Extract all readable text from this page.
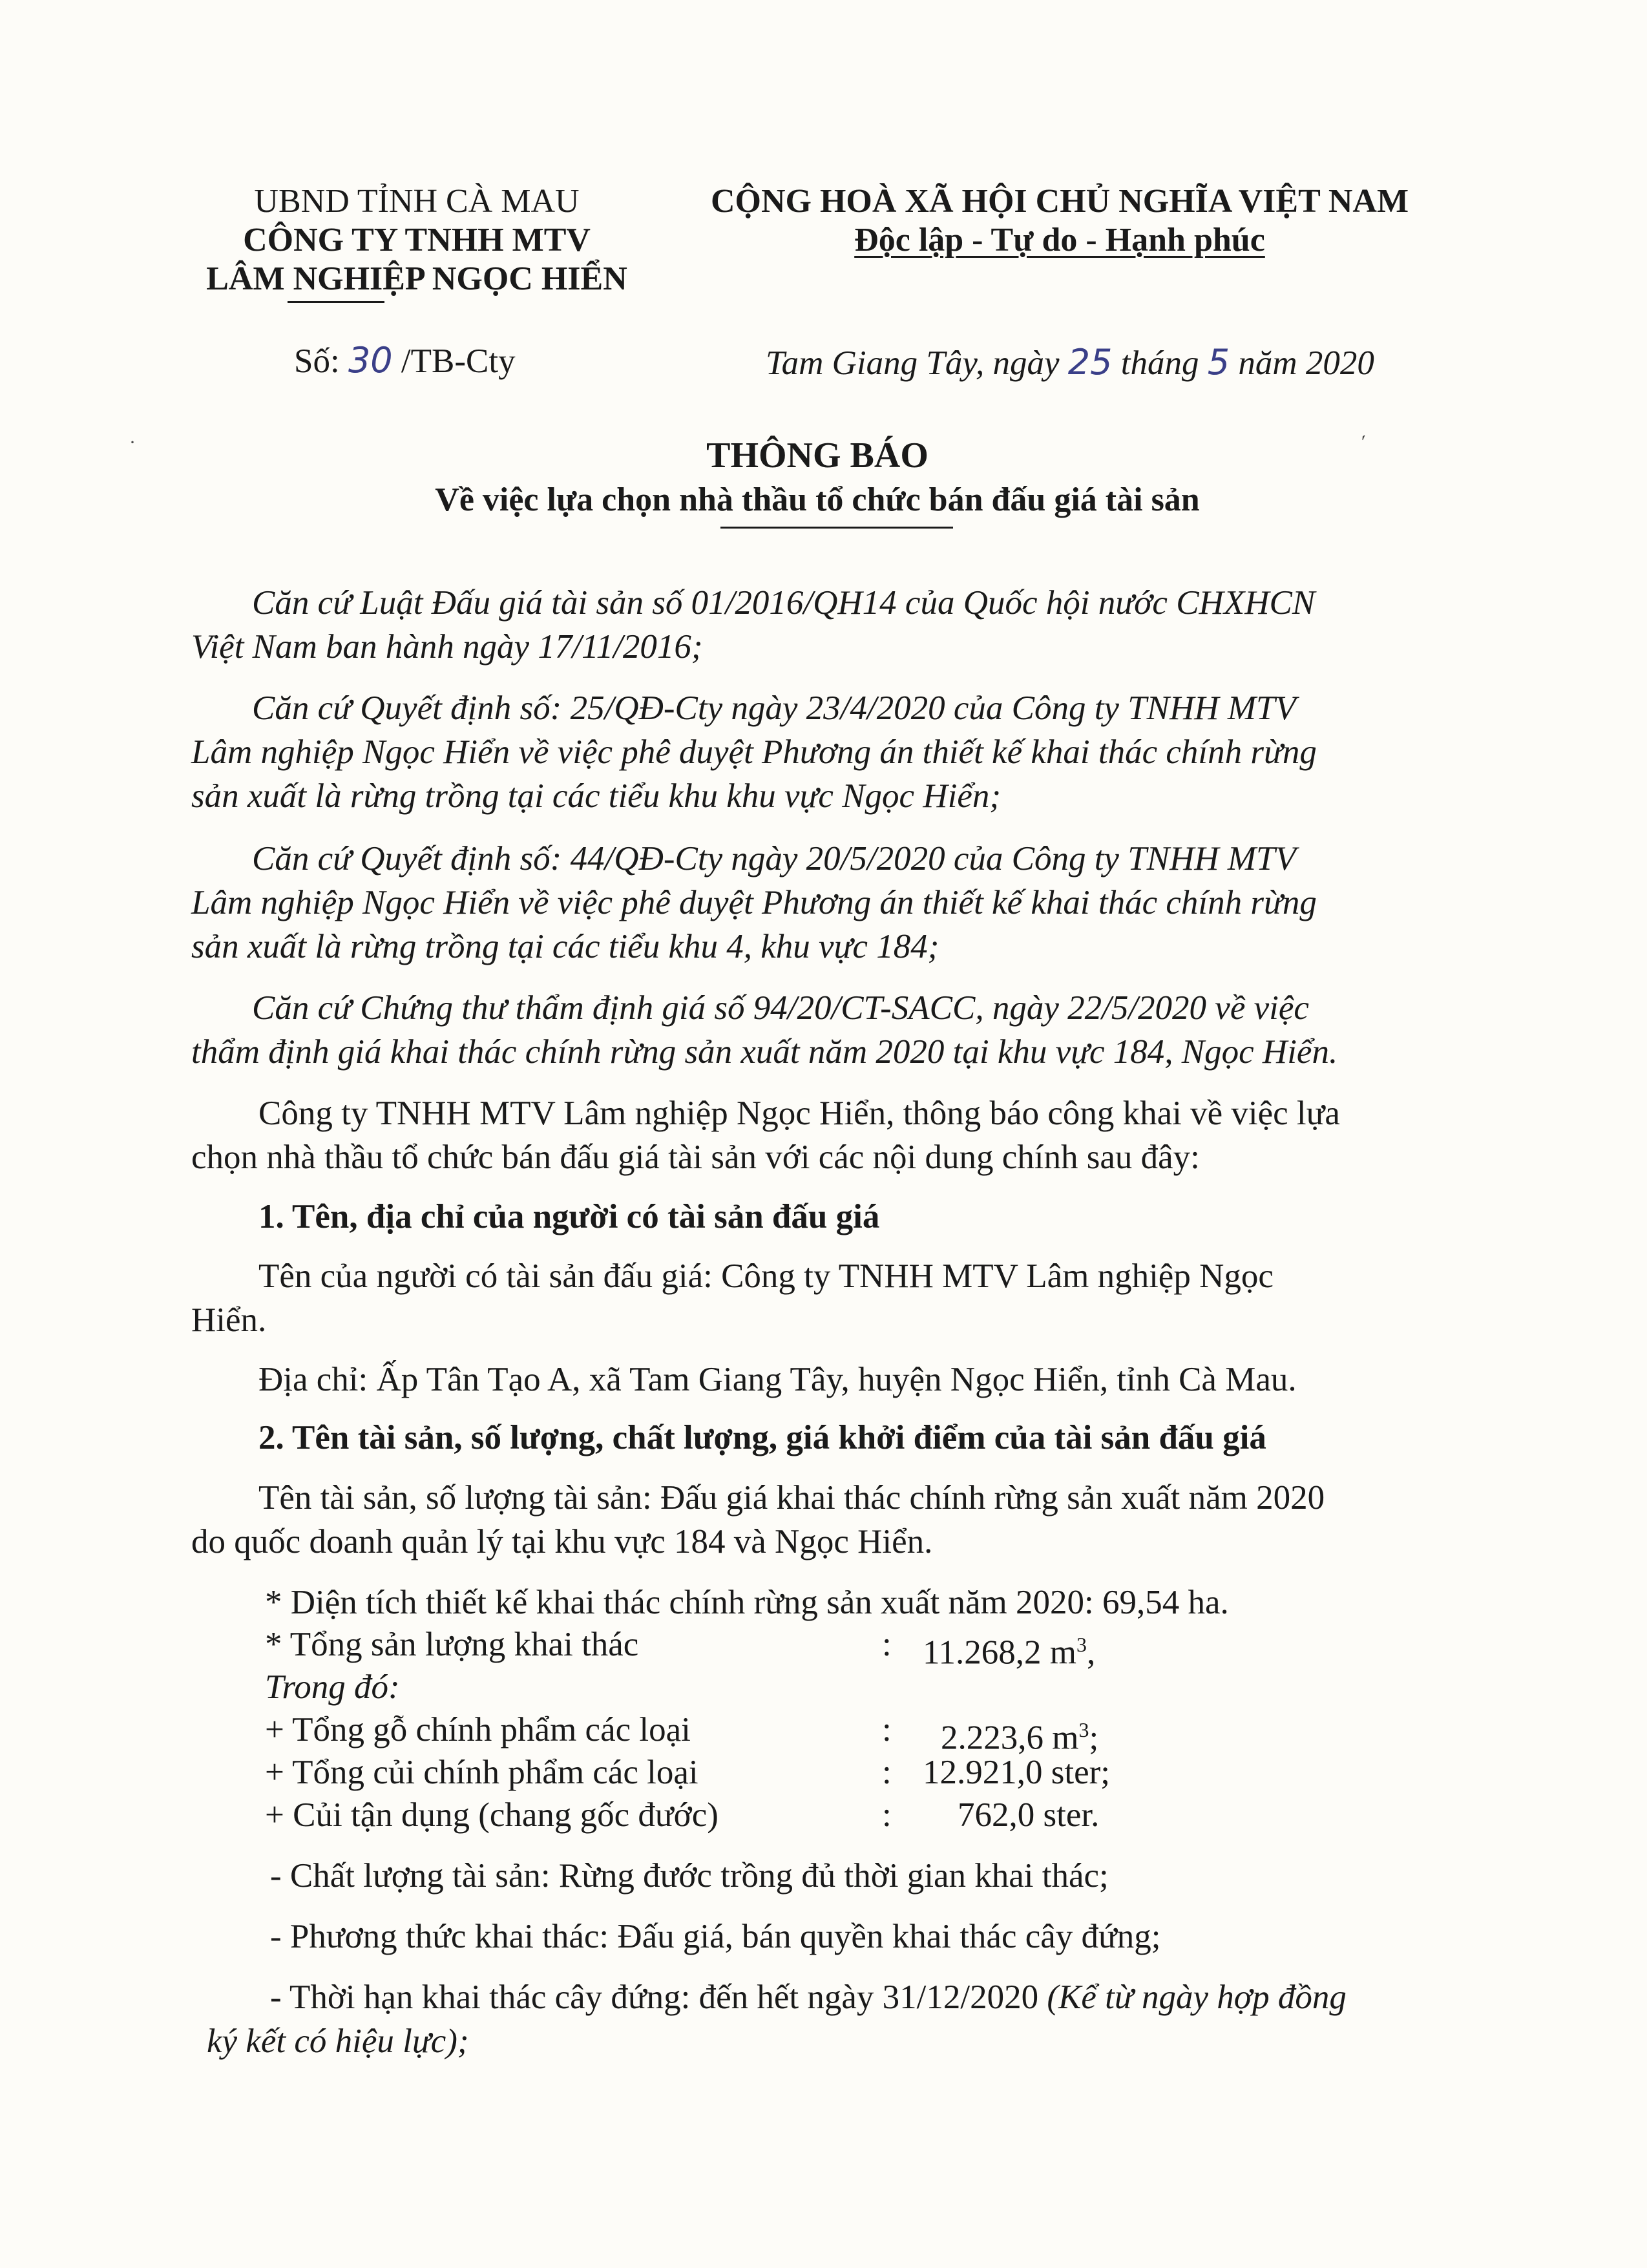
UBND TỈNH CÀ MAU
CÔNG TY TNHH MTV
LÂM NGHIỆP NGỌC HIỂN
CỘNG HOÀ XÃ HỘI CHỦ NGHĨA VIỆT NAM
Độc lập - Tự do - Hạnh phúc
Số: 30 /TB-Cty	Tam Giang Tây, ngày 25 tháng 5 năm 2020
THÔNG BÁO
Về việc lựa chọn nhà thầu tổ chức bán đấu giá tài sản
Căn cứ Luật Đấu giá tài sản số 01/2016/QH14 của Quốc hội nước CHXHCN
Việt Nam ban hành ngày 17/11/2016;
Căn cứ Quyết định số: 25/QĐ-Cty ngày 23/4/2020 của Công ty TNHH MTV
Lâm nghiệp Ngọc Hiển về việc phê duyệt Phương án thiết kế khai thác chính rừng
sản xuất là rừng trồng tại các tiểu khu khu vực Ngọc Hiển;
Căn cứ Quyết định số: 44/QĐ-Cty ngày 20/5/2020 của Công ty TNHH MTV
Lâm nghiệp Ngọc Hiển về việc phê duyệt Phương án thiết kế khai thác chính rừng
sản xuất là rừng trồng tại các tiểu khu 4, khu vực 184;
Căn cứ Chứng thư thẩm định giá số 94/20/CT-SACC, ngày 22/5/2020 về việc
thẩm định giá khai thác chính rừng sản xuất năm 2020 tại khu vực 184, Ngọc Hiển.
Công ty TNHH MTV Lâm nghiệp Ngọc Hiển, thông báo công khai về việc lựa
chọn nhà thầu tổ chức bán đấu giá tài sản với các nội dung chính sau đây:
1. Tên, địa chỉ của người có tài sản đấu giá
Tên của người có tài sản đấu giá: Công ty TNHH MTV Lâm nghiệp Ngọc
Hiển.
Địa chỉ: Ấp Tân Tạo A, xã Tam Giang Tây, huyện Ngọc Hiển, tỉnh Cà Mau.
2. Tên tài sản, số lượng, chất lượng, giá khởi điểm của tài sản đấu giá
Tên tài sản, số lượng tài sản: Đấu giá khai thác chính rừng sản xuất năm 2020
do quốc doanh quản lý tại khu vực 184 và Ngọc Hiển.
* Diện tích thiết kế khai thác chính rừng sản xuất năm 2020: 69,54 ha.
* Tổng sản lượng khai thác	: 11.268,2 $m^3$,
Trong đó:
+ Tổng gỗ chính phẩm các loại	: 2.223,6 $m^3$;
+ Tổng củi chính phẩm các loại	: 12.921,0 ster;
+ Củi tận dụng (chang gốc đước)	: 762,0 ster.
- Chất lượng tài sản: Rừng đước trồng đủ thời gian khai thác;
- Phương thức khai thác: Đấu giá, bán quyền khai thác cây đứng;
- Thời hạn khai thác cây đứng: đến hết ngày 31/12/2020 (Kể từ ngày hợp đồng
ký kết có hiệu lực);
·	´
